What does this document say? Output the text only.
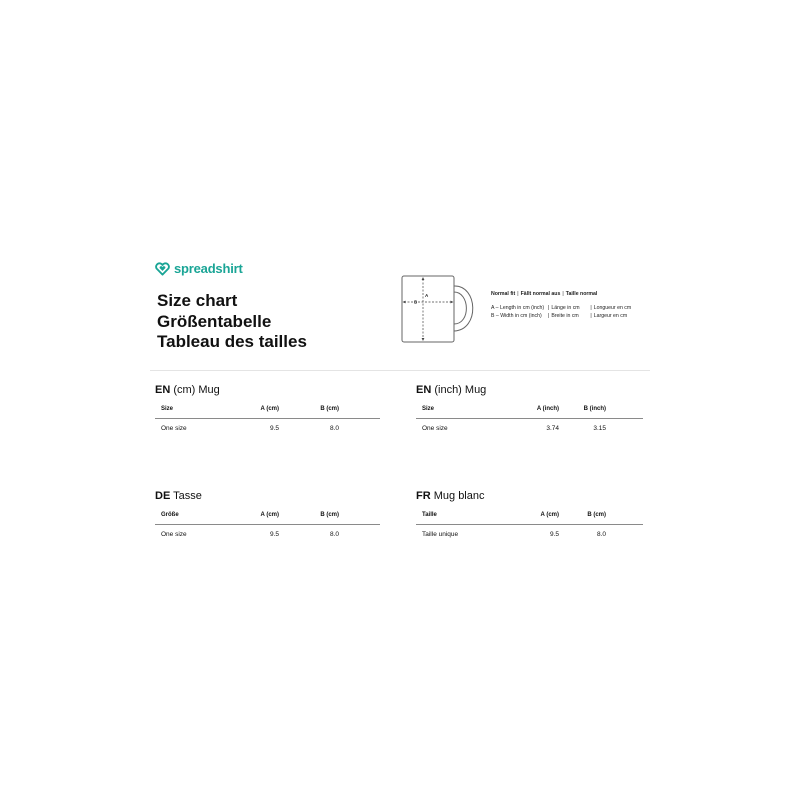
spreadshirt
Size chart
Größentabelle
Tableau des tailles
A
B
Normal fit | Fällt normal aus | Taille normal
A – Length in cm (inch) | Länge in cm	| Longueur en cm
B – Width in cm (inch)	| Breite in cm	| Largeur en cm
EN (cm) Mug
Size	A (cm)	B (cm)
One size	9.5	8.0
EN (inch) Mug
Size	A (inch)	B (inch)
One size	3.74	3.15
DE Tasse
Größe	A (cm)	B (cm)
One size	9.5	8.0
FR Mug blanc
Taille	A (cm)	B (cm)
Taille unique	9.5	8.0
